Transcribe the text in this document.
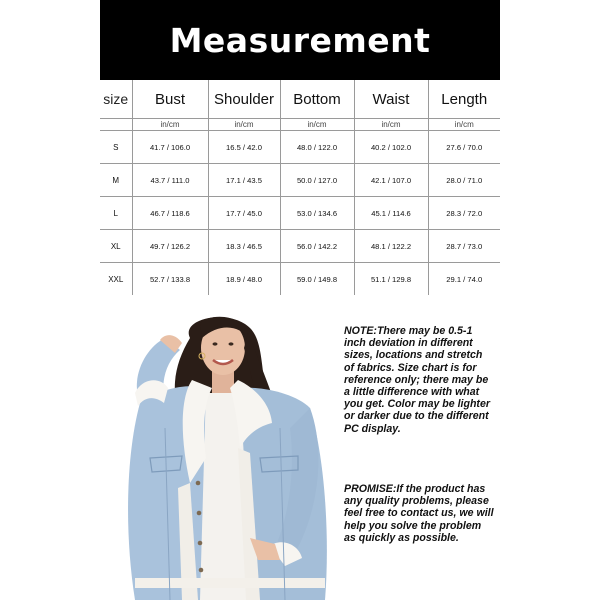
Measurement
size	Bust	Shoulder	Bottom	Waist	Length
	in/cm	in/cm	in/cm	in/cm	in/cm
S	41.7 / 106.0	16.5 / 42.0	48.0 / 122.0	40.2 / 102.0	27.6 / 70.0
M	43.7 / 111.0	17.1 / 43.5	50.0 / 127.0	42.1 / 107.0	28.0 / 71.0
L	46.7 / 118.6	17.7 / 45.0	53.0 / 134.6	45.1 / 114.6	28.3 / 72.0
XL	49.7 / 126.2	18.3 / 46.5	56.0 / 142.2	48.1 / 122.2	28.7 / 73.0
XXL	52.7 / 133.8	18.9 / 48.0	59.0 / 149.8	51.1 / 129.8	29.1 / 74.0
NOTE:There may be 0.5-1 inch deviation in different sizes, locations and stretch of fabrics. Size chart is for reference only; there may be a little difference with what you get. Color may be lighter or darker due to the different PC display.
PROMISE:If the product has any quality problems, please feel free to contact us, we will help you solve the problem as quickly as possible.
